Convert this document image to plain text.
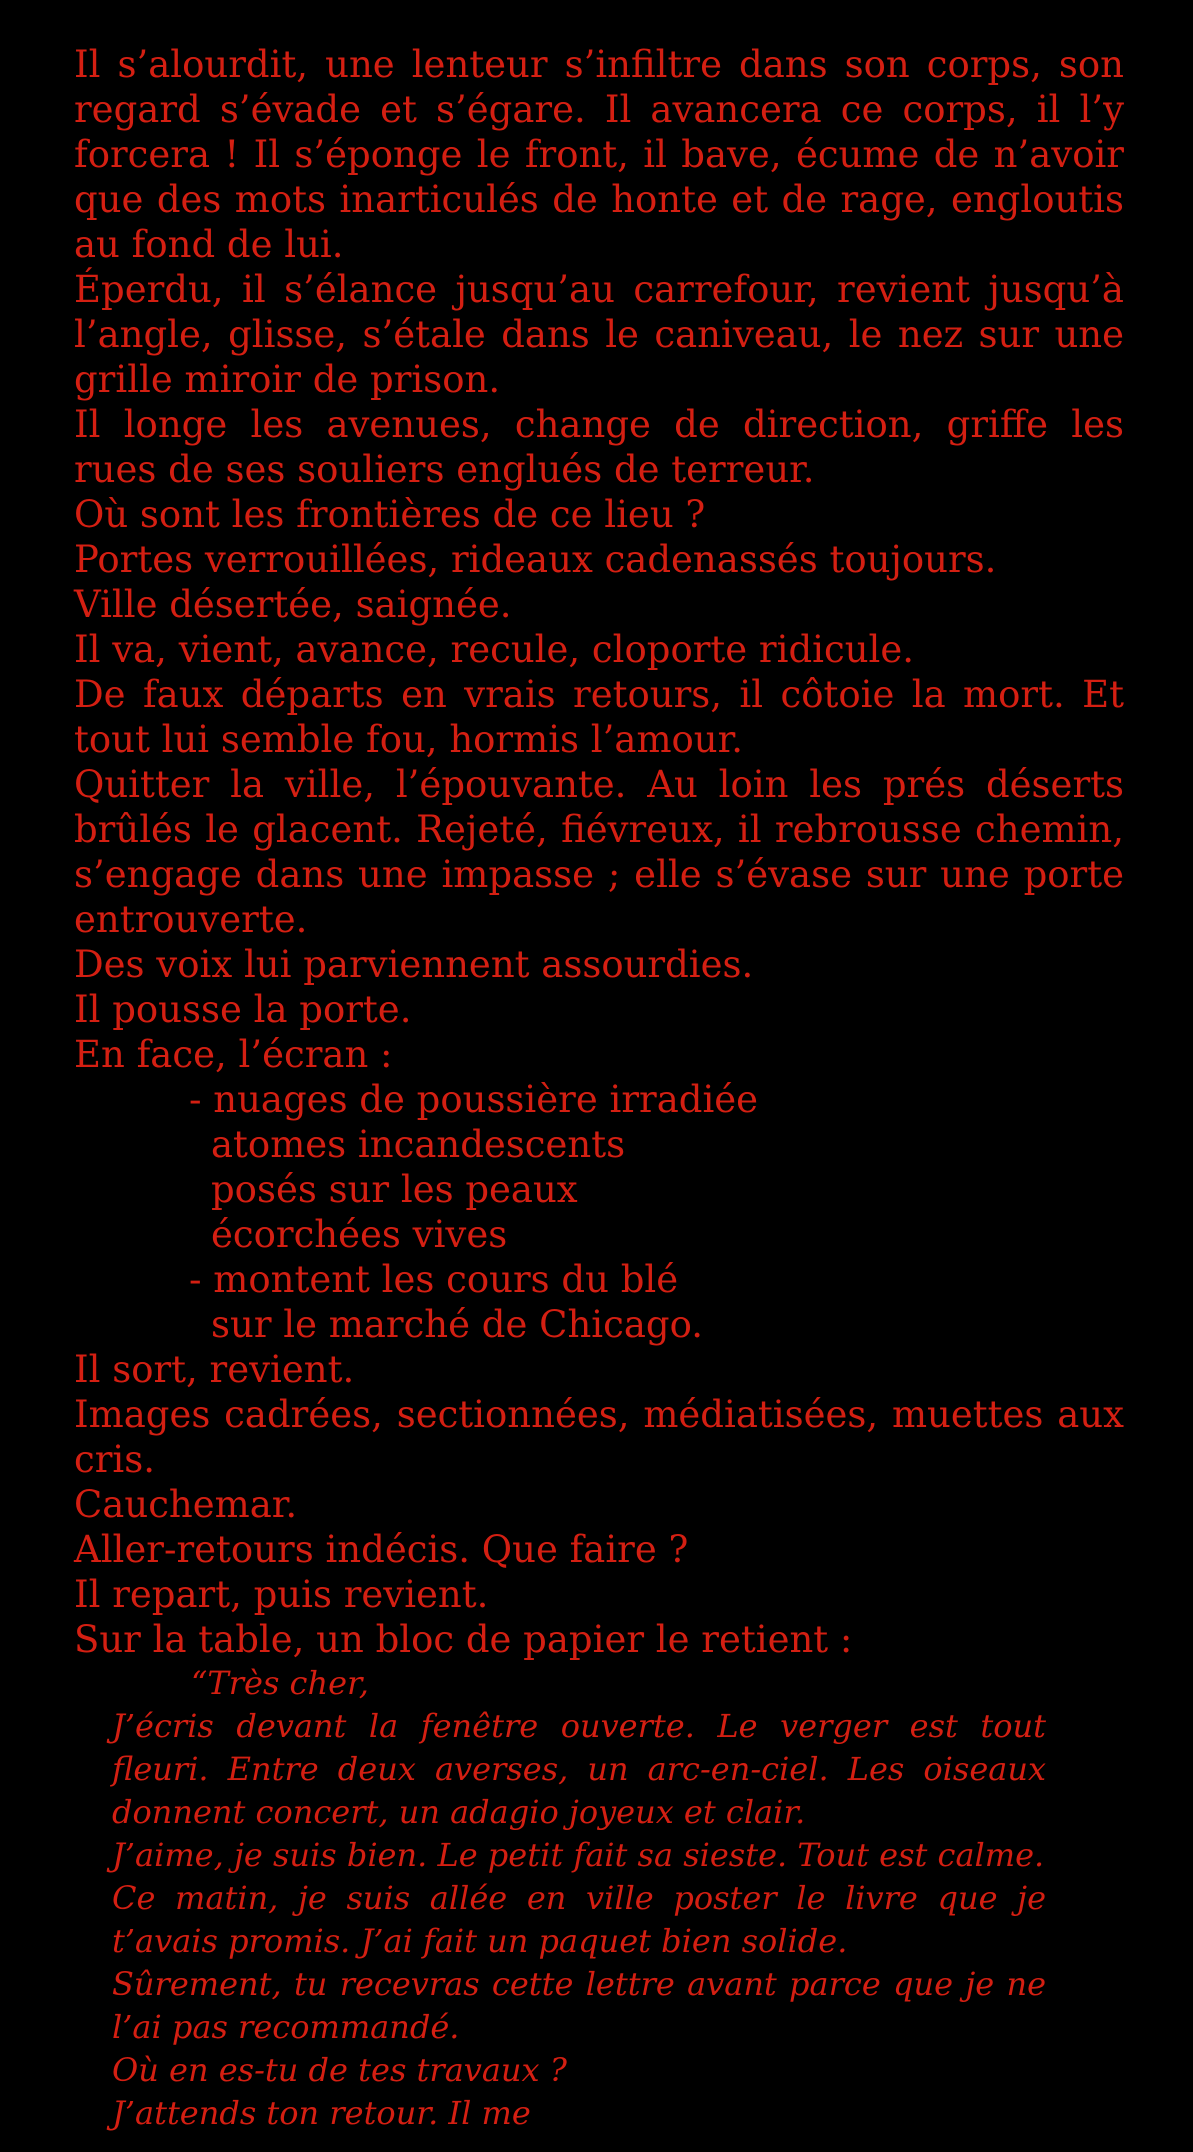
Il s’alourdit, une lenteur s’infiltre dans son corps, son regard s’évade et s’égare. Il avancera ce corps, il l’y forcera ! Il s’éponge le front, il bave, écume de n’avoir que des mots inarticulés de honte et de rage, engloutis au fond de lui.

Éperdu, il s’élance jusqu’au carrefour, revient jusqu’à l’angle, glisse, s’étale dans le caniveau, le nez sur une grille miroir de prison.

Il longe les avenues, change de direction, griffe les rues de ses souliers englués de terreur.

Où sont les frontières de ce lieu ?

Portes verrouillées, rideaux cadenassés toujours.

Ville désertée, saignée.

Il va, vient, avance, recule, cloporte ridicule.

De faux départs en vrais retours, il côtoie la mort. Et tout lui semble fou, hormis l’amour.

Quitter la ville, l’épouvante. Au loin les prés déserts brûlés le glacent. Rejeté, fiévreux, il rebrousse chemin, s’engage dans une impasse ; elle s’évase sur une porte entrouverte.

Des voix lui parviennent assourdies.

Il pousse la porte.

En face, l’écran :

- nuages de poussière irradiée

atomes incandescents

posés sur les peaux

écorchées vives

- montent les cours du blé

sur le marché de Chicago.

Il sort, revient.

Images cadrées, sectionnées, médiatisées, muettes aux cris.

Cauchemar.

Aller-retours indécis. Que faire ?

Il repart, puis revient.

Sur la table, un bloc de papier le retient :

“Très cher,

J’écris devant la fenêtre ouverte. Le verger est tout fleuri. Entre deux averses, un arc-en-ciel. Les oiseaux donnent concert, un adagio joyeux et clair.

J’aime, je suis bien. Le petit fait sa sieste. Tout est calme.

Ce matin, je suis allée en ville poster le livre que je t’avais promis. J’ai fait un paquet bien solide.

Sûrement, tu recevras cette lettre avant parce que je ne l’ai pas recommandé.

Où en es-tu de tes travaux ?

J’attends ton retour. Il me
